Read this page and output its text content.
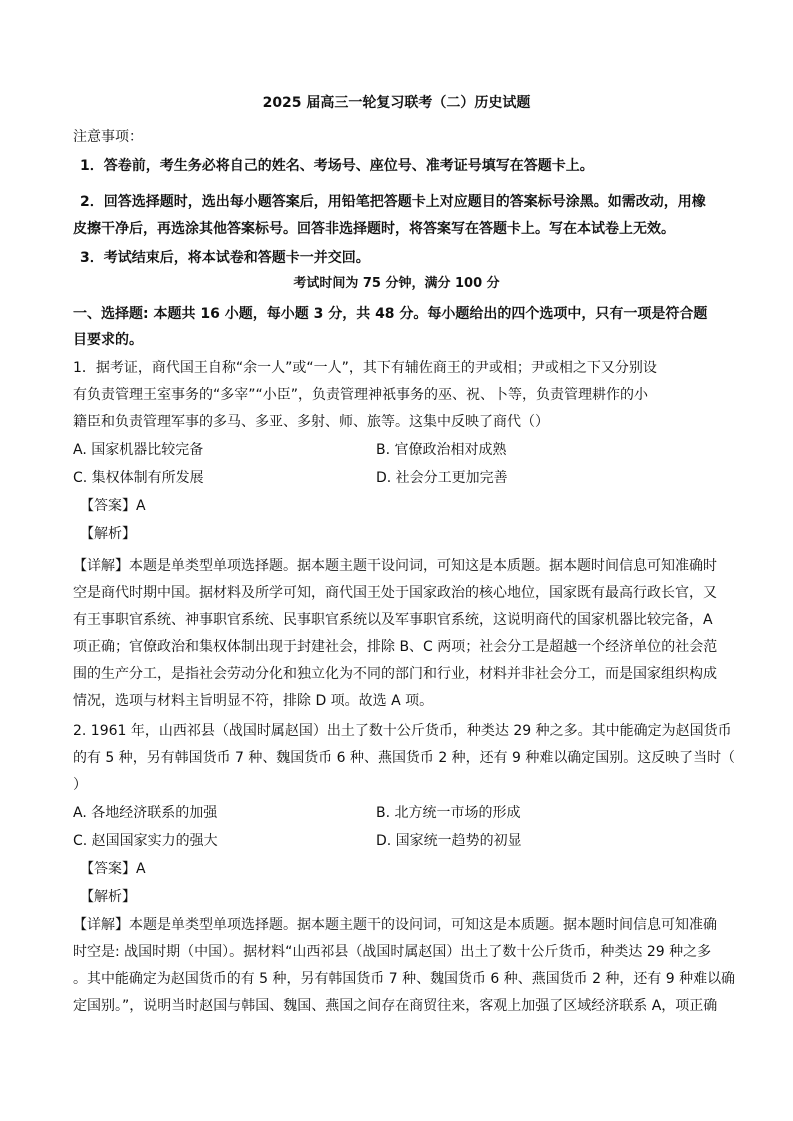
2025 届高三一轮复习联考（二）历史试题
注意事项：
1．答卷前，考生务必将自己的姓名、考场号、座位号、准考证号填写在答题卡上。
2．回答选择题时，选出每小题答案后，用铅笔把答题卡上对应题目的答案标号涂黑。如需改动，用橡
皮擦干净后，再选涂其他答案标号。回答非选择题时，将答案写在答题卡上。写在本试卷上无效。
3．考试结束后，将本试卷和答题卡一并交回。
考试时间为 75 分钟，满分 100 分
一、选择题: 本题共 16 小题，每小题 3 分，共 48 分。每小题给出的四个选项中，只有一项是符合题
目要求的。
1．据考证，商代国王自称“余一人”或“一人”，其下有辅佐商王的尹或相；尹或相之下又分别设
有负责管理王室事务的“多宰”“小臣”，负责管理神祇事务的巫、祝、卜等，负责管理耕作的小
籍臣和负责管理军事的多马、多亚、多射、师、旅等。这集中反映了商代（）
A. 国家机器比较完备	B. 官僚政治相对成熟
C. 集权体制有所发展	D. 社会分工更加完善
【答案】A
【解析】
【详解】本题是单类型单项选择题。据本题主题干设问词，可知这是本质题。据本题时间信息可知准确时
空是商代时期中国。据材料及所学可知，商代国王处于国家政治的核心地位，国家既有最高行政长官，又
有王事职官系统、神事职官系统、民事职官系统以及军事职官系统，这说明商代的国家机器比较完备，A
项正确；官僚政治和集权体制出现于封建社会，排除 B、C 两项；社会分工是超越一个经济单位的社会范
围的生产分工，是指社会劳动分化和独立化为不同的部门和行业，材料并非社会分工，而是国家组织构成
情况，选项与材料主旨明显不符，排除 D 项。故选 A 项。
2. 1961 年，山西祁县（战国时属赵国）出土了数十公斤货币，种类达 29 种之多。其中能确定为赵国货币
的有 5 种，另有韩国货币 7 种、魏国货币 6 种、燕国货币 2 种，还有 9 种难以确定国别。这反映了当时（
）
A. 各地经济联系的加强	B. 北方统一市场的形成
C. 赵国国家实力的强大	D. 国家统一趋势的初显
【答案】A
【解析】
【详解】本题是单类型单项选择题。据本题主题干的设问词，可知这是本质题。据本题时间信息可知准确
时空是: 战国时期（中国）。据材料“山西祁县（战国时属赵国）出土了数十公斤货币，种类达 29 种之多
。其中能确定为赵国货币的有 5 种，另有韩国货币 7 种、魏国货币 6 种、燕国货币 2 种，还有 9 种难以确
定国别。”，说明当时赵国与韩国、魏国、燕国之间存在商贸往来，客观上加强了区域经济联系 A，项正确
